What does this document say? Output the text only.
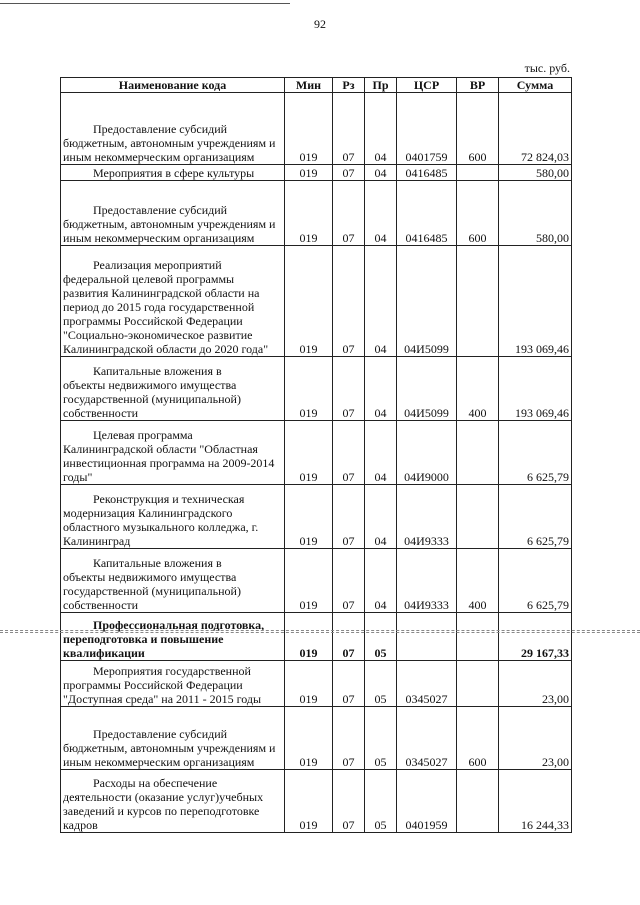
92
тыс. руб.
Наименование кода	Мин	Рз	Пр	ЦСР	ВР	Сумма

Предоставление субсидий
бюджетным, автономным учреждениям и иным некоммерческим организациям	019	07	04	0401759	600	72 824,03

Мероприятия в сфере культуры	019	07	04	0416485		580,00

Предоставление субсидий
бюджетным, автономным учреждениям и иным некоммерческим организациям	019	07	04	0416485	600	580,00

Реализация мероприятий
федеральной целевой программы развития Калининградской области на период до 2015 года государственной программы Российской Федерации "Социально-экономическое развитие Калининградской области до 2020 года"	019	07	04	04И5099		193 069,46

Капитальные вложения в
объекты недвижимого имущества государственной (муниципальной) собственности	019	07	04	04И5099	400	193 069,46

Целевая программа
Калининградской области "Областная инвестиционная программа на 2009-2014 годы"	019	07	04	04И9000		6 625,79

Реконструкция и техническая
модернизация Калининградского областного музыкального колледжа, г. Калининград	019	07	04	04И9333		6 625,79

Капитальные вложения в
объекты недвижимого имущества государственной (муниципальной) собственности	019	07	04	04И9333	400	6 625,79

Профессиональная подготовка,
переподготовка и повышение квалификации	019	07	05			29 167,33

Мероприятия государственной
программы Российской Федерации "Доступная среда" на 2011 - 2015 годы	019	07	05	0345027		23,00

Предоставление субсидий
бюджетным, автономным учреждениям и иным некоммерческим организациям	019	07	05	0345027	600	23,00

Расходы на обеспечение
деятельности (оказание услуг)учебных заведений и курсов по переподготовке кадров	019	07	05	0401959		16 244,33
